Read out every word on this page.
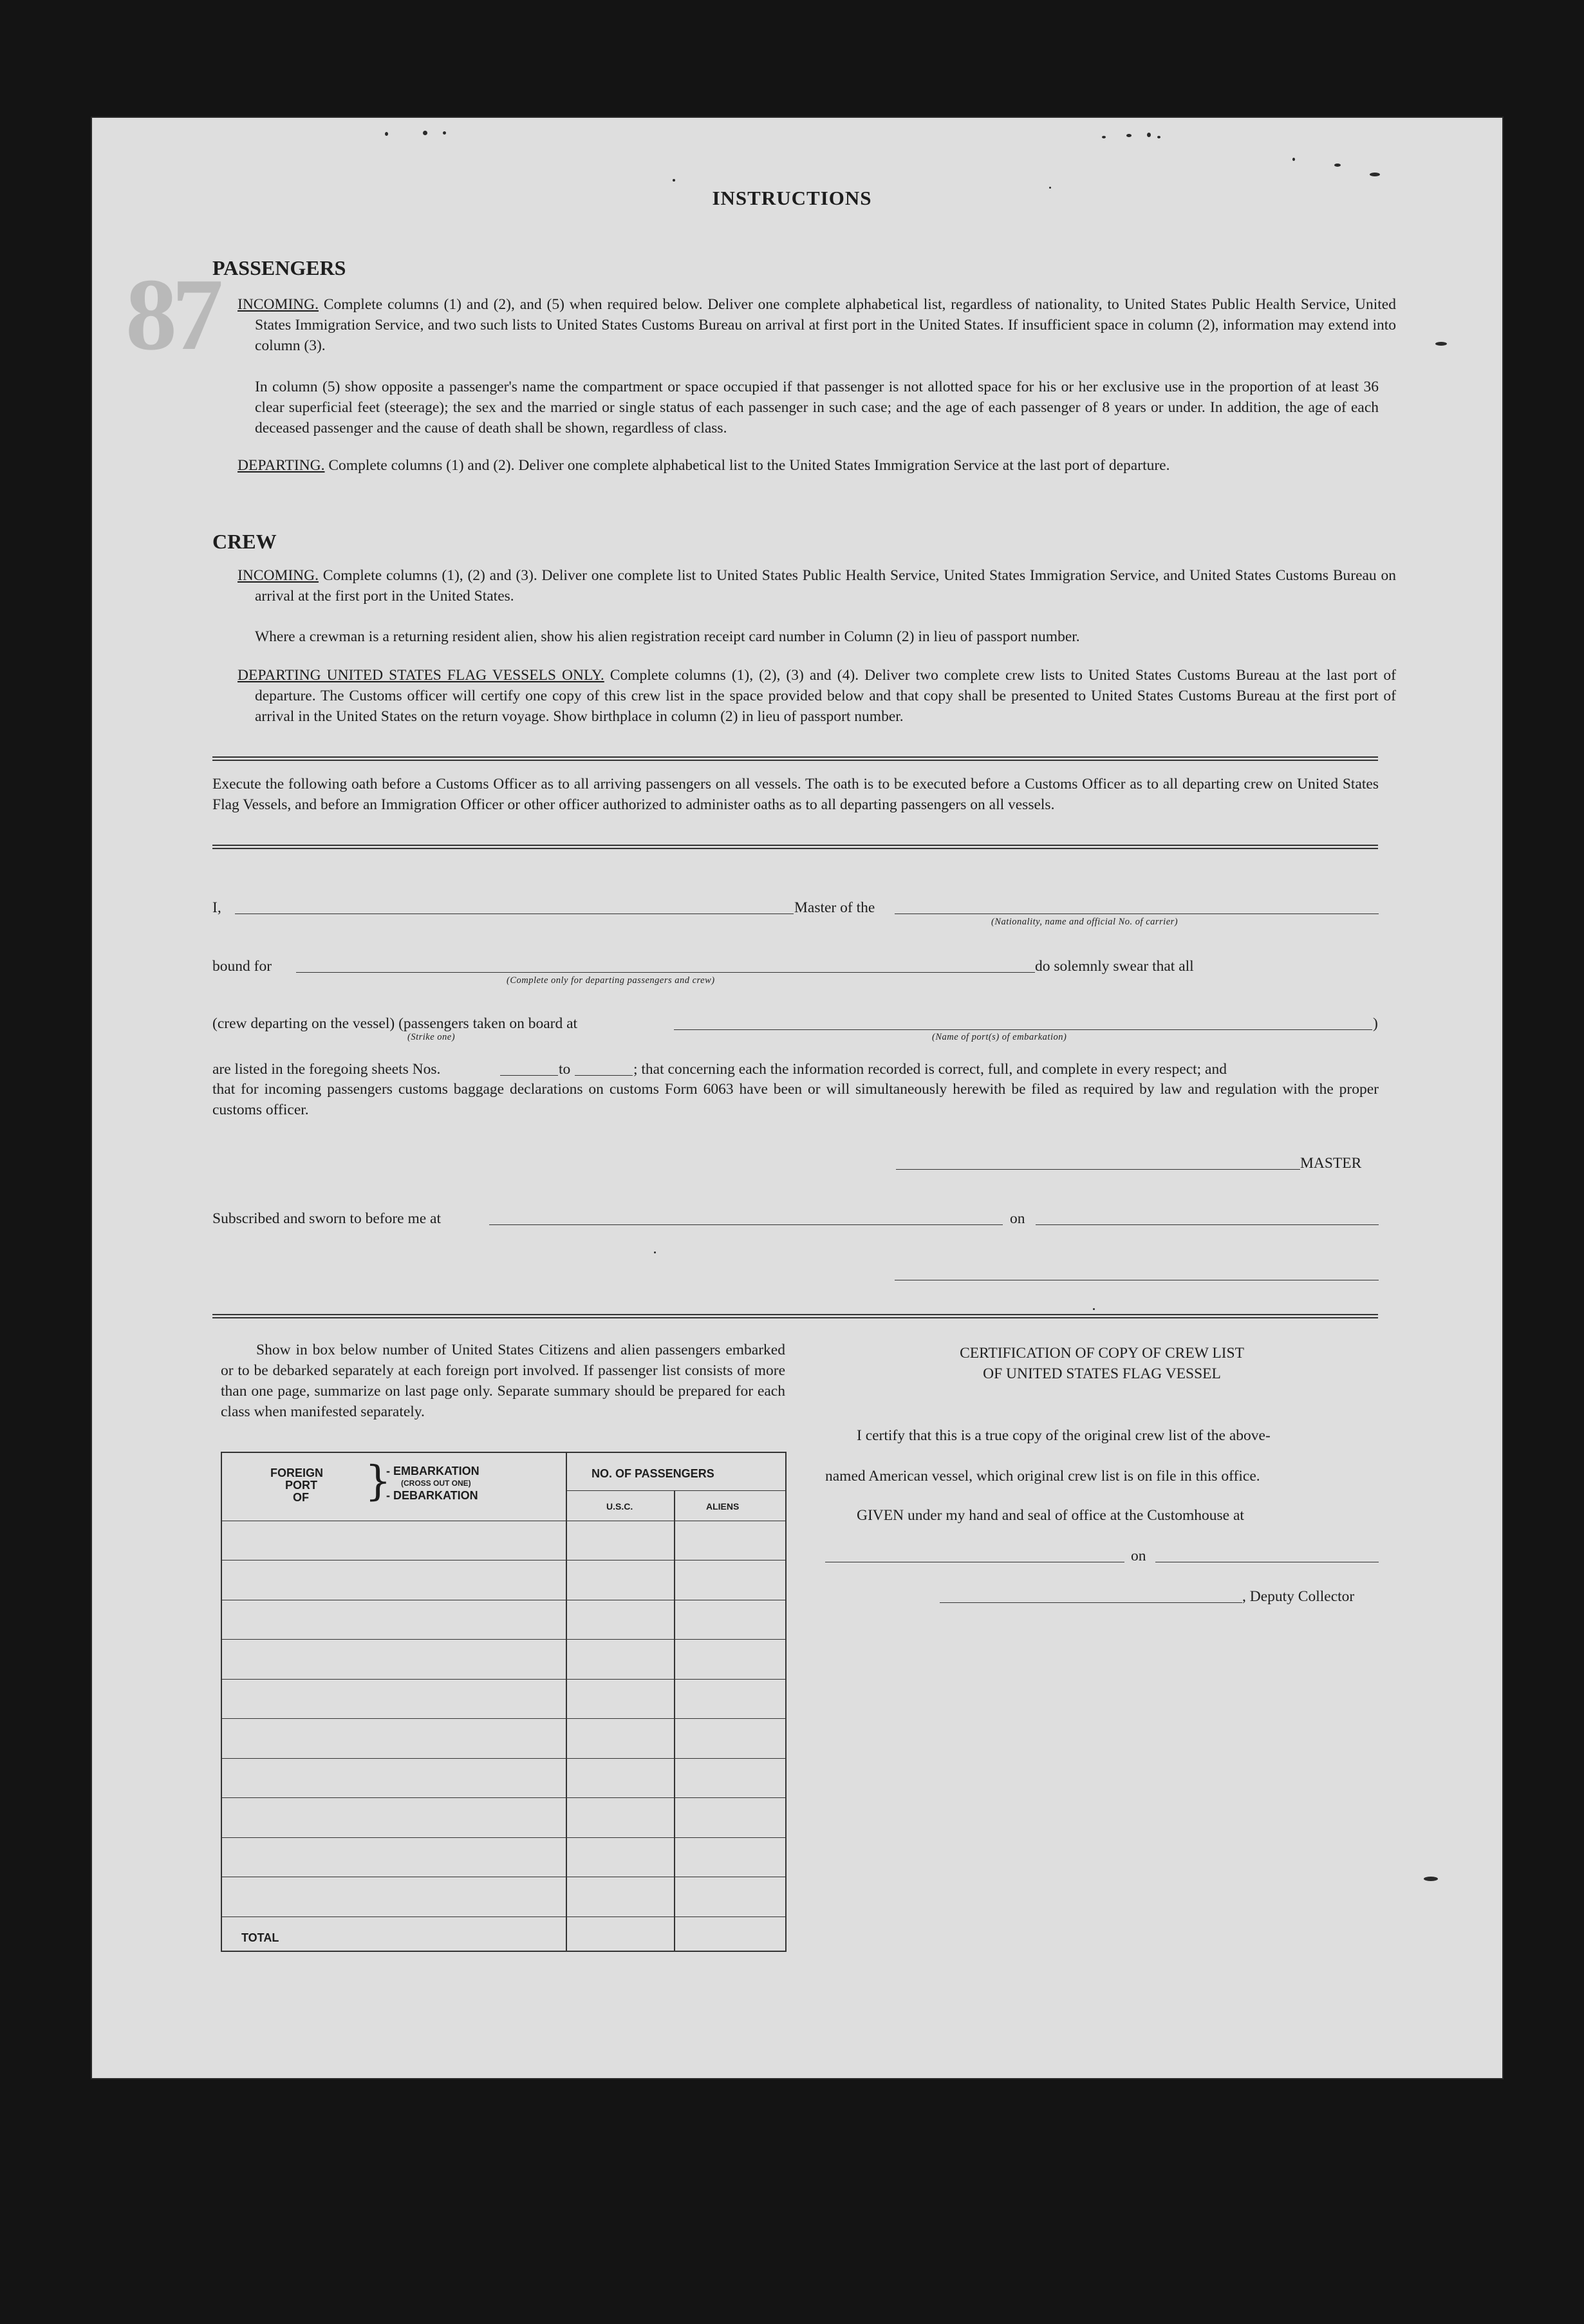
87
INSTRUCTIONS
PASSENGERS
INCOMING. Complete columns (1) and (2), and (5) when required below. Deliver one complete alphabetical list, regardless of nationality, to United States Public Health Service, United States Immigration Service, and two such lists to United States Customs Bureau on arrival at first port in the United States. If insufficient space in column (2), information may extend into column (3).
In column (5) show opposite a passenger's name the compartment or space occupied if that passenger is not allotted space for his or her exclusive use in the proportion of at least 36 clear superficial feet (steerage); the sex and the married or single status of each passenger in such case; and the age of each passenger of 8 years or under. In addition, the age of each deceased passenger and the cause of death shall be shown, regardless of class.
DEPARTING. Complete columns (1) and (2). Deliver one complete alphabetical list to the United States Immigration Service at the last port of departure.
CREW
INCOMING. Complete columns (1), (2) and (3). Deliver one complete list to United States Public Health Service, United States Immigration Service, and United States Customs Bureau on arrival at the first port in the United States.
Where a crewman is a returning resident alien, show his alien registration receipt card number in Column (2) in lieu of passport number.
DEPARTING UNITED STATES FLAG VESSELS ONLY. Complete columns (1), (2), (3) and (4). Deliver two complete crew lists to United States Customs Bureau at the last port of departure. The Customs officer will certify one copy of this crew list in the space provided below and that copy shall be presented to United States Customs Bureau at the first port of arrival in the United States on the return voyage. Show birthplace in column (2) in lieu of passport number.
Execute the following oath before a Customs Officer as to all arriving passengers on all vessels. The oath is to be executed before a Customs Officer as to all departing crew on United States Flag Vessels, and before an Immigration Officer or other officer authorized to administer oaths as to all departing passengers on all vessels.
I,	Master of the
(Nationality, name and official No. of carrier)
bound for	do solemnly swear that all
(Complete only for departing passengers and crew)
(crew departing on the vessel) (passengers taken on board at
(Strike one)
)
(Name of port(s) of embarkation)
are listed in the foregoing sheets Nos.	to	; that concerning each the information recorded is correct, full, and complete in every respect; and
that for incoming passengers customs baggage declarations on customs Form 6063 have been or will simultaneously herewith be filed as required by law and regulation with the proper customs officer.
MASTER
Subscribed and sworn to before me at	on
Show in box below number of United States Citizens and alien passengers embarked or to be debarked separately at each foreign port involved. If passenger list consists of more than one page, summarize on last page only. Separate summary should be prepared for each class when manifested separately.
FOREIGN
PORT
OF }
- EMBARKATION
(CROSS OUT ONE)
- DEBARKATION
NO. OF PASSENGERS
U.S.C.	ALIENS
TOTAL
CERTIFICATION OF COPY OF CREW LIST
OF UNITED STATES FLAG VESSEL
I certify that this is a true copy of the original crew list of the above-
named American vessel, which original crew list is on file in this office.
GIVEN under my hand and seal of office at the Customhouse at
on
, Deputy Collector
